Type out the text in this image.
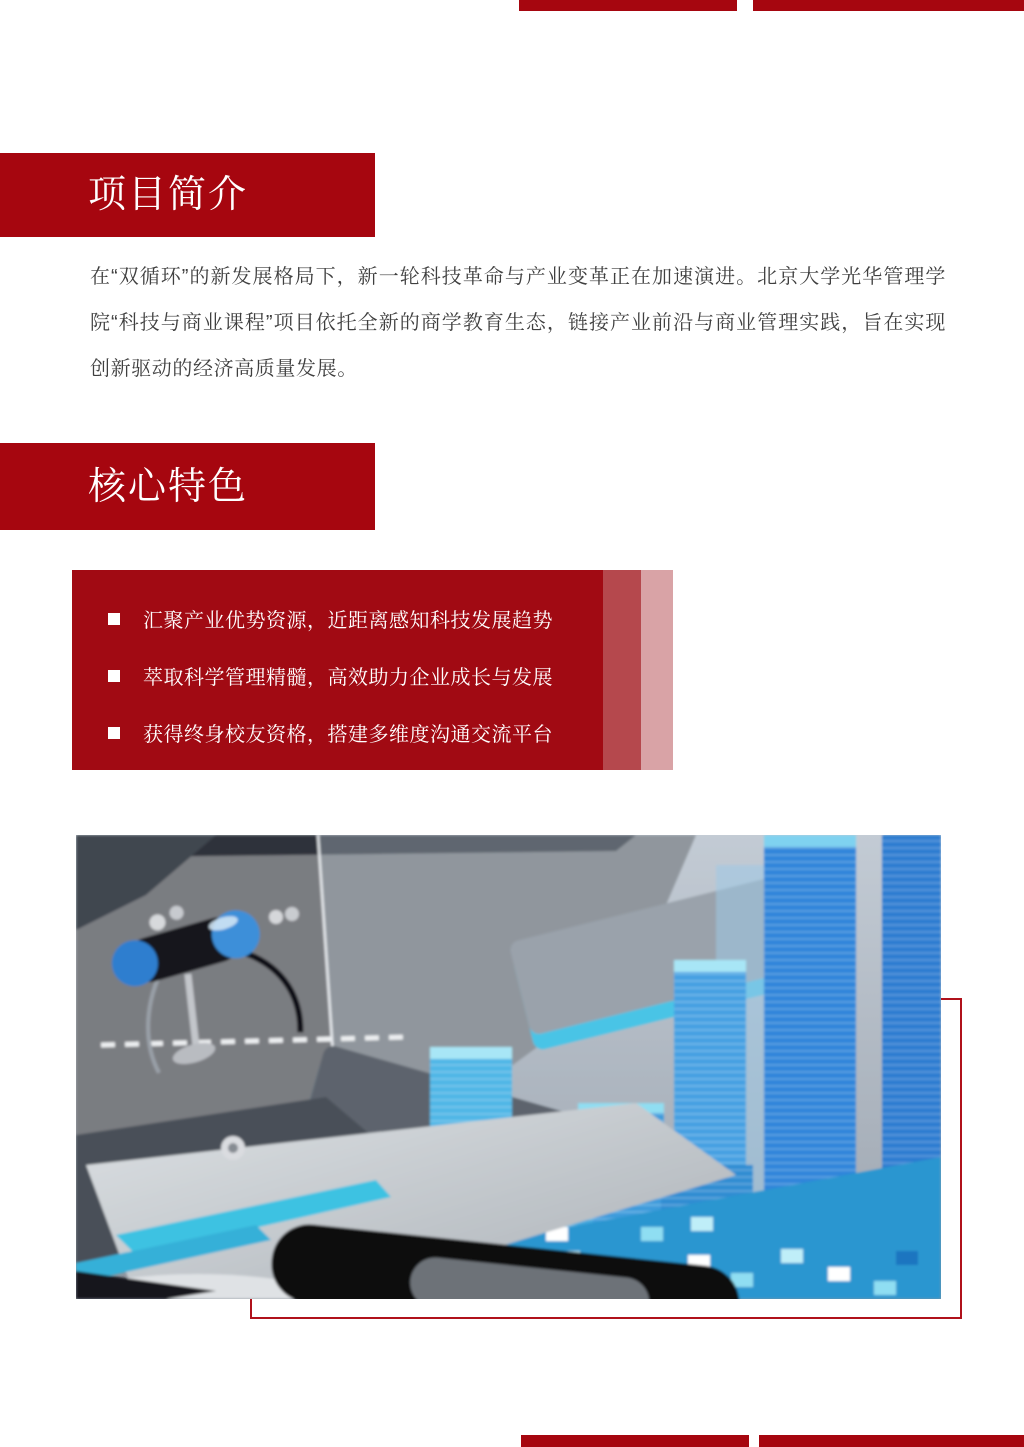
项目简介

在“双循环”的新发展格局下，新一轮科技革命与产业变革正在加速演进。北京大学光华管理学院“科技与商业课程”项目依托全新的商学教育生态，链接产业前沿与商业管理实践，旨在实现创新驱动的经济高质量发展。

核心特色
汇聚产业优势资源，近距离感知科技发展趋势
萃取科学管理精髓，高效助力企业成长与发展
获得终身校友资格，搭建多维度沟通交流平台
